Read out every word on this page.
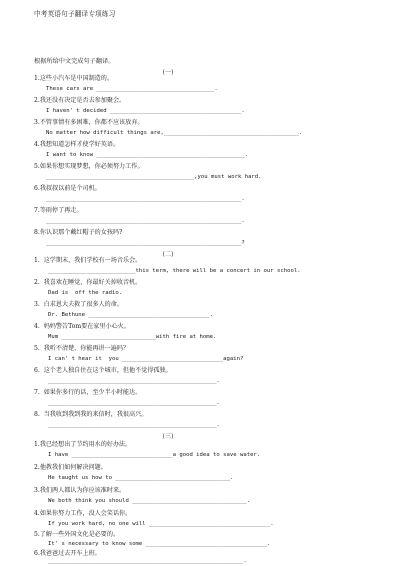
中考英语句子翻译专项练习
根据所给中文完成句子翻译。
(一)
1.这些小汽车是中国制造的。
These cars are ___________________________________.
2.我还没有决定是否去参加聚会。
I haven' t decided _______________________________________.
3.不管事情有多困难，你都不应该放弃。
No matter how difficult things are,________________________________________.
4.我想知道怎样才使学好英语。
I want to know ____________________________________________.
5.如果你想实现梦想，你必须努力工作。
____________________________________________,you must work hard.
6.我叔叔以前是个司机。
__________________________________________________________.
7.等雨停了再走。
__________________________________________________________.
8.你认识那个戴红帽子的女孩吗?
__________________________________________________________?
(二)
1.  这学期末，我们学校有一场音乐会。
__________________________this term, there will be a concert in our school.
2.  我喜欢在睡觉，你最好关掉收音机。
Dad is  off the radio.
3.  白求恩大夫救了很多人的命。
Dr. Bethune ____________________________________.
4.  妈妈警告Tom要在家里小心火。
Mum ____________________________with fire at home.
5.  我听不清楚，你能再讲一遍吗？
I can' t hear it  you ______________________________again?
6.  这个老人独自住在这个城市，但他不觉得孤独。
__________________________________________________.
7.  如果你多行的话，至少半小时能达。
__________________________________________________.
8.  当我收到我到我的来信时，我很高兴。
__________________________________________________.
(三)
1.我已经想出了节约用水的好办法。
I have ______________________________a good idea to save water.
2.他教我们如何解决问题。
He taught us how to __________________________________.
3.我们两人都认为你应该准时来。
We both think you should __________________________________.
4.如果你努力工作，没人会笑话你。
If you work hard, no one will ____________________________________.
5.了解一些外国文化是必要的。
It' s necessary to know some ____________________________________.
6.我爸爸过去开车上班。
__________________________________________________________.
